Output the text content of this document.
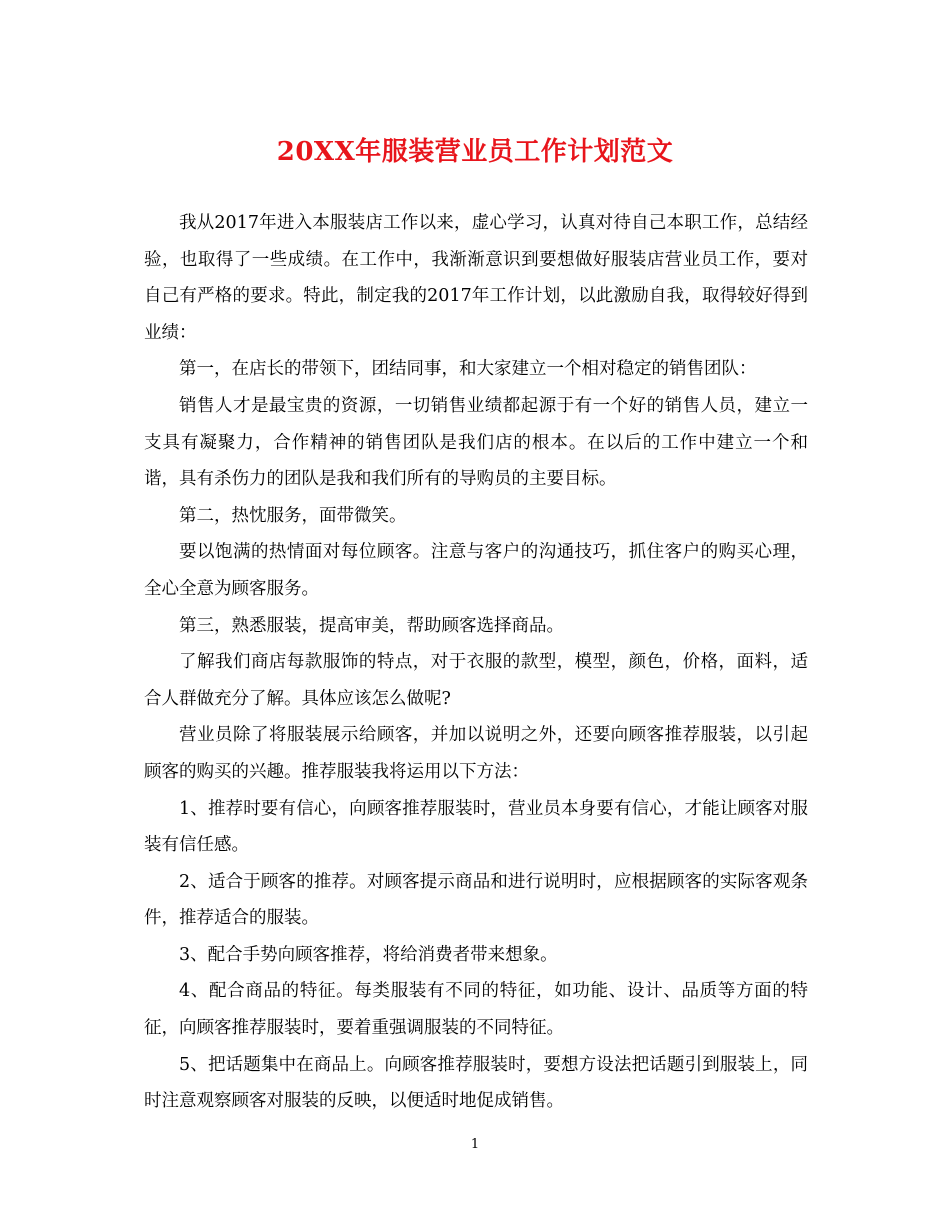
20XX年服装营业员工作计划范文

我从2017年进入本服装店工作以来，虚心学习，认真对待自己本职工作，总结经验，也取得了一些成绩。在工作中，我渐渐意识到要想做好服装店营业员工作，要对自己有严格的要求。特此，制定我的2017年工作计划，以此激励自我，取得较好得到业绩：

第一，在店长的带领下，团结同事，和大家建立一个相对稳定的销售团队：

销售人才是最宝贵的资源，一切销售业绩都起源于有一个好的销售人员，建立一支具有凝聚力，合作精神的销售团队是我们店的根本。在以后的工作中建立一个和谐，具有杀伤力的团队是我和我们所有的导购员的主要目标。

第二，热忱服务，面带微笑。

要以饱满的热情面对每位顾客。注意与客户的沟通技巧，抓住客户的购买心理，全心全意为顾客服务。

第三，熟悉服装，提高审美，帮助顾客选择商品。

了解我们商店每款服饰的特点，对于衣服的款型，模型，颜色，价格，面料，适合人群做充分了解。具体应该怎么做呢?

营业员除了将服装展示给顾客，并加以说明之外，还要向顾客推荐服装，以引起顾客的购买的兴趣。推荐服装我将运用以下方法：

1、推荐时要有信心，向顾客推荐服装时，营业员本身要有信心，才能让顾客对服装有信任感。

2、适合于顾客的推荐。对顾客提示商品和进行说明时，应根据顾客的实际客观条件，推荐适合的服装。

3、配合手势向顾客推荐，将给消费者带来想象。

4、配合商品的特征。每类服装有不同的特征，如功能、设计、品质等方面的特征，向顾客推荐服装时，要着重强调服装的不同特征。

5、把话题集中在商品上。向顾客推荐服装时，要想方设法把话题引到服装上，同时注意观察顾客对服装的反映，以便适时地促成销售。

1
